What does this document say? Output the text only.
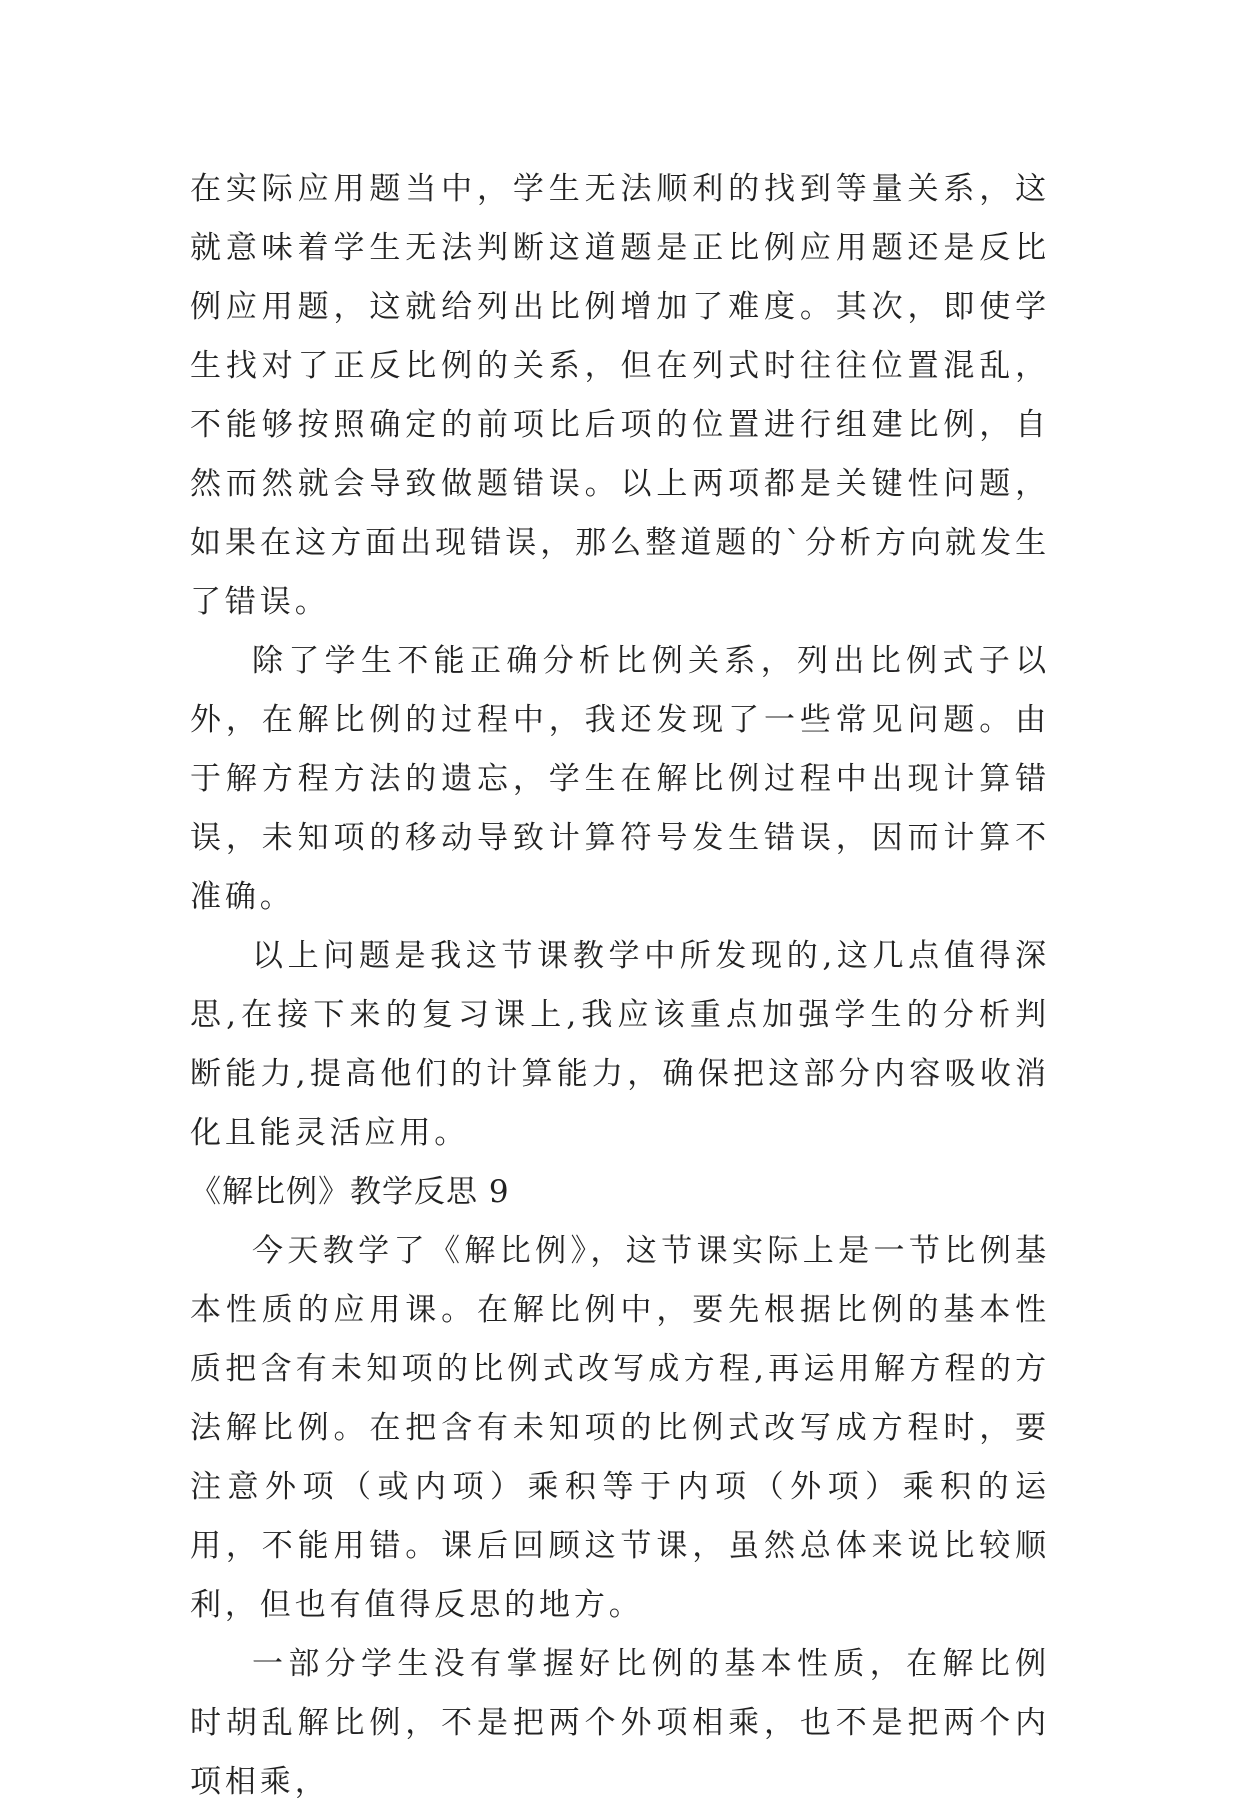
在实际应用题当中，学生无法顺利的找到等量关系，这就意味着学生无法判断这道题是正比例应用题还是反比例应用题，这就给列出比例增加了难度。其次，即使学生找对了正反比例的关系，但在列式时往往位置混乱，不能够按照确定的前项比后项的位置进行组建比例，自然而然就会导致做题错误。以上两项都是关键性问题，如果在这方面出现错误，那么整道题的`分析方向就发生了错误。

除了学生不能正确分析比例关系，列出比例式子以外，在解比例的过程中，我还发现了一些常见问题。由于解方程方法的遗忘，学生在解比例过程中出现计算错误，未知项的移动导致计算符号发生错误，因而计算不准确。

以上问题是我这节课教学中所发现的,这几点值得深思,在接下来的复习课上,我应该重点加强学生的分析判断能力,提高他们的计算能力，确保把这部分内容吸收消化且能灵活应用。

《解比例》教学反思 9

今天教学了《解比例》，这节课实际上是一节比例基本性质的应用课。在解比例中，要先根据比例的基本性质把含有未知项的比例式改写成方程,再运用解方程的方法解比例。在把含有未知项的比例式改写成方程时，要注意外项（或内项）乘积等于内项（外项）乘积的运用，不能用错。课后回顾这节课，虽然总体来说比较顺利，但也有值得反思的地方。

一部分学生没有掌握好比例的基本性质，在解比例时胡乱解比例，不是把两个外项相乘，也不是把两个内项相乘，
